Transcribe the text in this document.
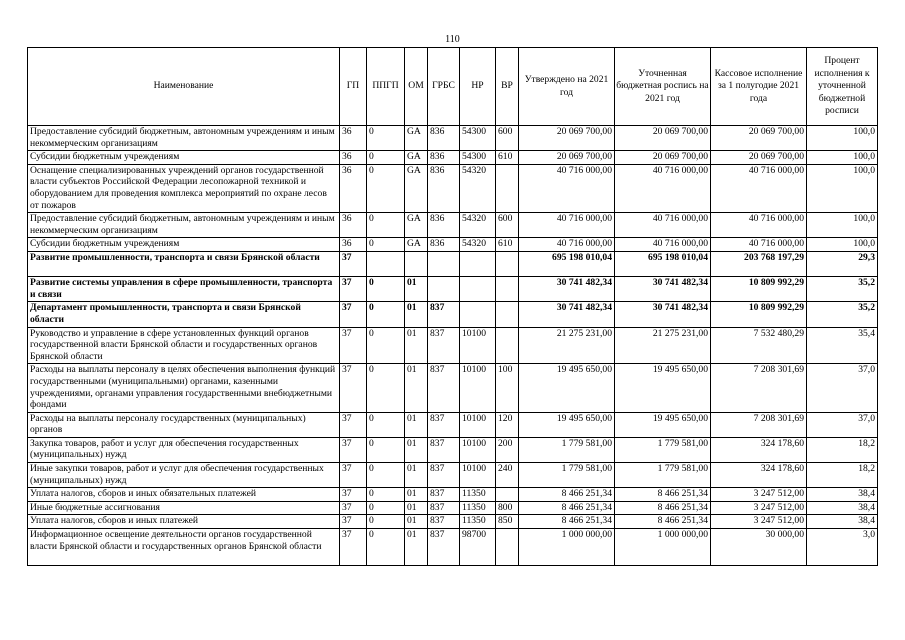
110
Наименование	ГП	ППГП	ОМ	ГРБС	НР	ВР	Утверждено на 2021 год	Уточненная бюджетная роспись на 2021 год	Кассовое исполнение за 1 полугодие 2021 года	Процент исполнения к уточненной бюджетной росписи
Предоставление субсидий бюджетным, автономным учреждениям и иным некоммерческим организациям	36	0	GA	836	54300	600	20 069 700,00	20 069 700,00	20 069 700,00	100,0
Субсидии бюджетным учреждениям	36	0	GA	836	54300	610	20 069 700,00	20 069 700,00	20 069 700,00	100,0
Оснащение специализированных учреждений органов государственной власти субъектов Российской Федерации лесопожарной техникой и оборудованием для проведения комплекса мероприятий по охране лесов от пожаров	36	0	GA	836	54320		40 716 000,00	40 716 000,00	40 716 000,00	100,0
Предоставление субсидий бюджетным, автономным учреждениям и иным некоммерческим организациям	36	0	GA	836	54320	600	40 716 000,00	40 716 000,00	40 716 000,00	100,0
Субсидии бюджетным учреждениям	36	0	GA	836	54320	610	40 716 000,00	40 716 000,00	40 716 000,00	100,0
Развитие промышленности, транспорта и связи Брянской области	37						695 198 010,04	695 198 010,04	203 768 197,29	29,3
Развитие системы управления в сфере промышленности, транспорта и связи	37	0	01				30 741 482,34	30 741 482,34	10 809 992,29	35,2
Департамент промышленности, транспорта и связи Брянской области	37	0	01	837			30 741 482,34	30 741 482,34	10 809 992,29	35,2
Руководство и управление в сфере установленных функций органов государственной власти Брянской области и государственных органов Брянской области	37	0	01	837	10100		21 275 231,00	21 275 231,00	7 532 480,29	35,4
Расходы на выплаты персоналу в целях обеспечения выполнения функций государственными (муниципальными) органами, казенными учреждениями, органами управления государственными внебюджетными фондами	37	0	01	837	10100	100	19 495 650,00	19 495 650,00	7 208 301,69	37,0
Расходы на выплаты персоналу государственных (муниципальных) органов	37	0	01	837	10100	120	19 495 650,00	19 495 650,00	7 208 301,69	37,0
Закупка товаров, работ и услуг для обеспечения государственных (муниципальных) нужд	37	0	01	837	10100	200	1 779 581,00	1 779 581,00	324 178,60	18,2
Иные закупки товаров, работ и услуг для обеспечения государственных (муниципальных) нужд	37	0	01	837	10100	240	1 779 581,00	1 779 581,00	324 178,60	18,2
Уплата налогов, сборов и иных обязательных платежей	37	0	01	837	11350		8 466 251,34	8 466 251,34	3 247 512,00	38,4
Иные бюджетные ассигнования	37	0	01	837	11350	800	8 466 251,34	8 466 251,34	3 247 512,00	38,4
Уплата налогов, сборов и иных платежей	37	0	01	837	11350	850	8 466 251,34	8 466 251,34	3 247 512,00	38,4
Информационное освещение деятельности органов государственной власти Брянской области и государственных органов Брянской области	37	0	01	837	98700		1 000 000,00	1 000 000,00	30 000,00	3,0
